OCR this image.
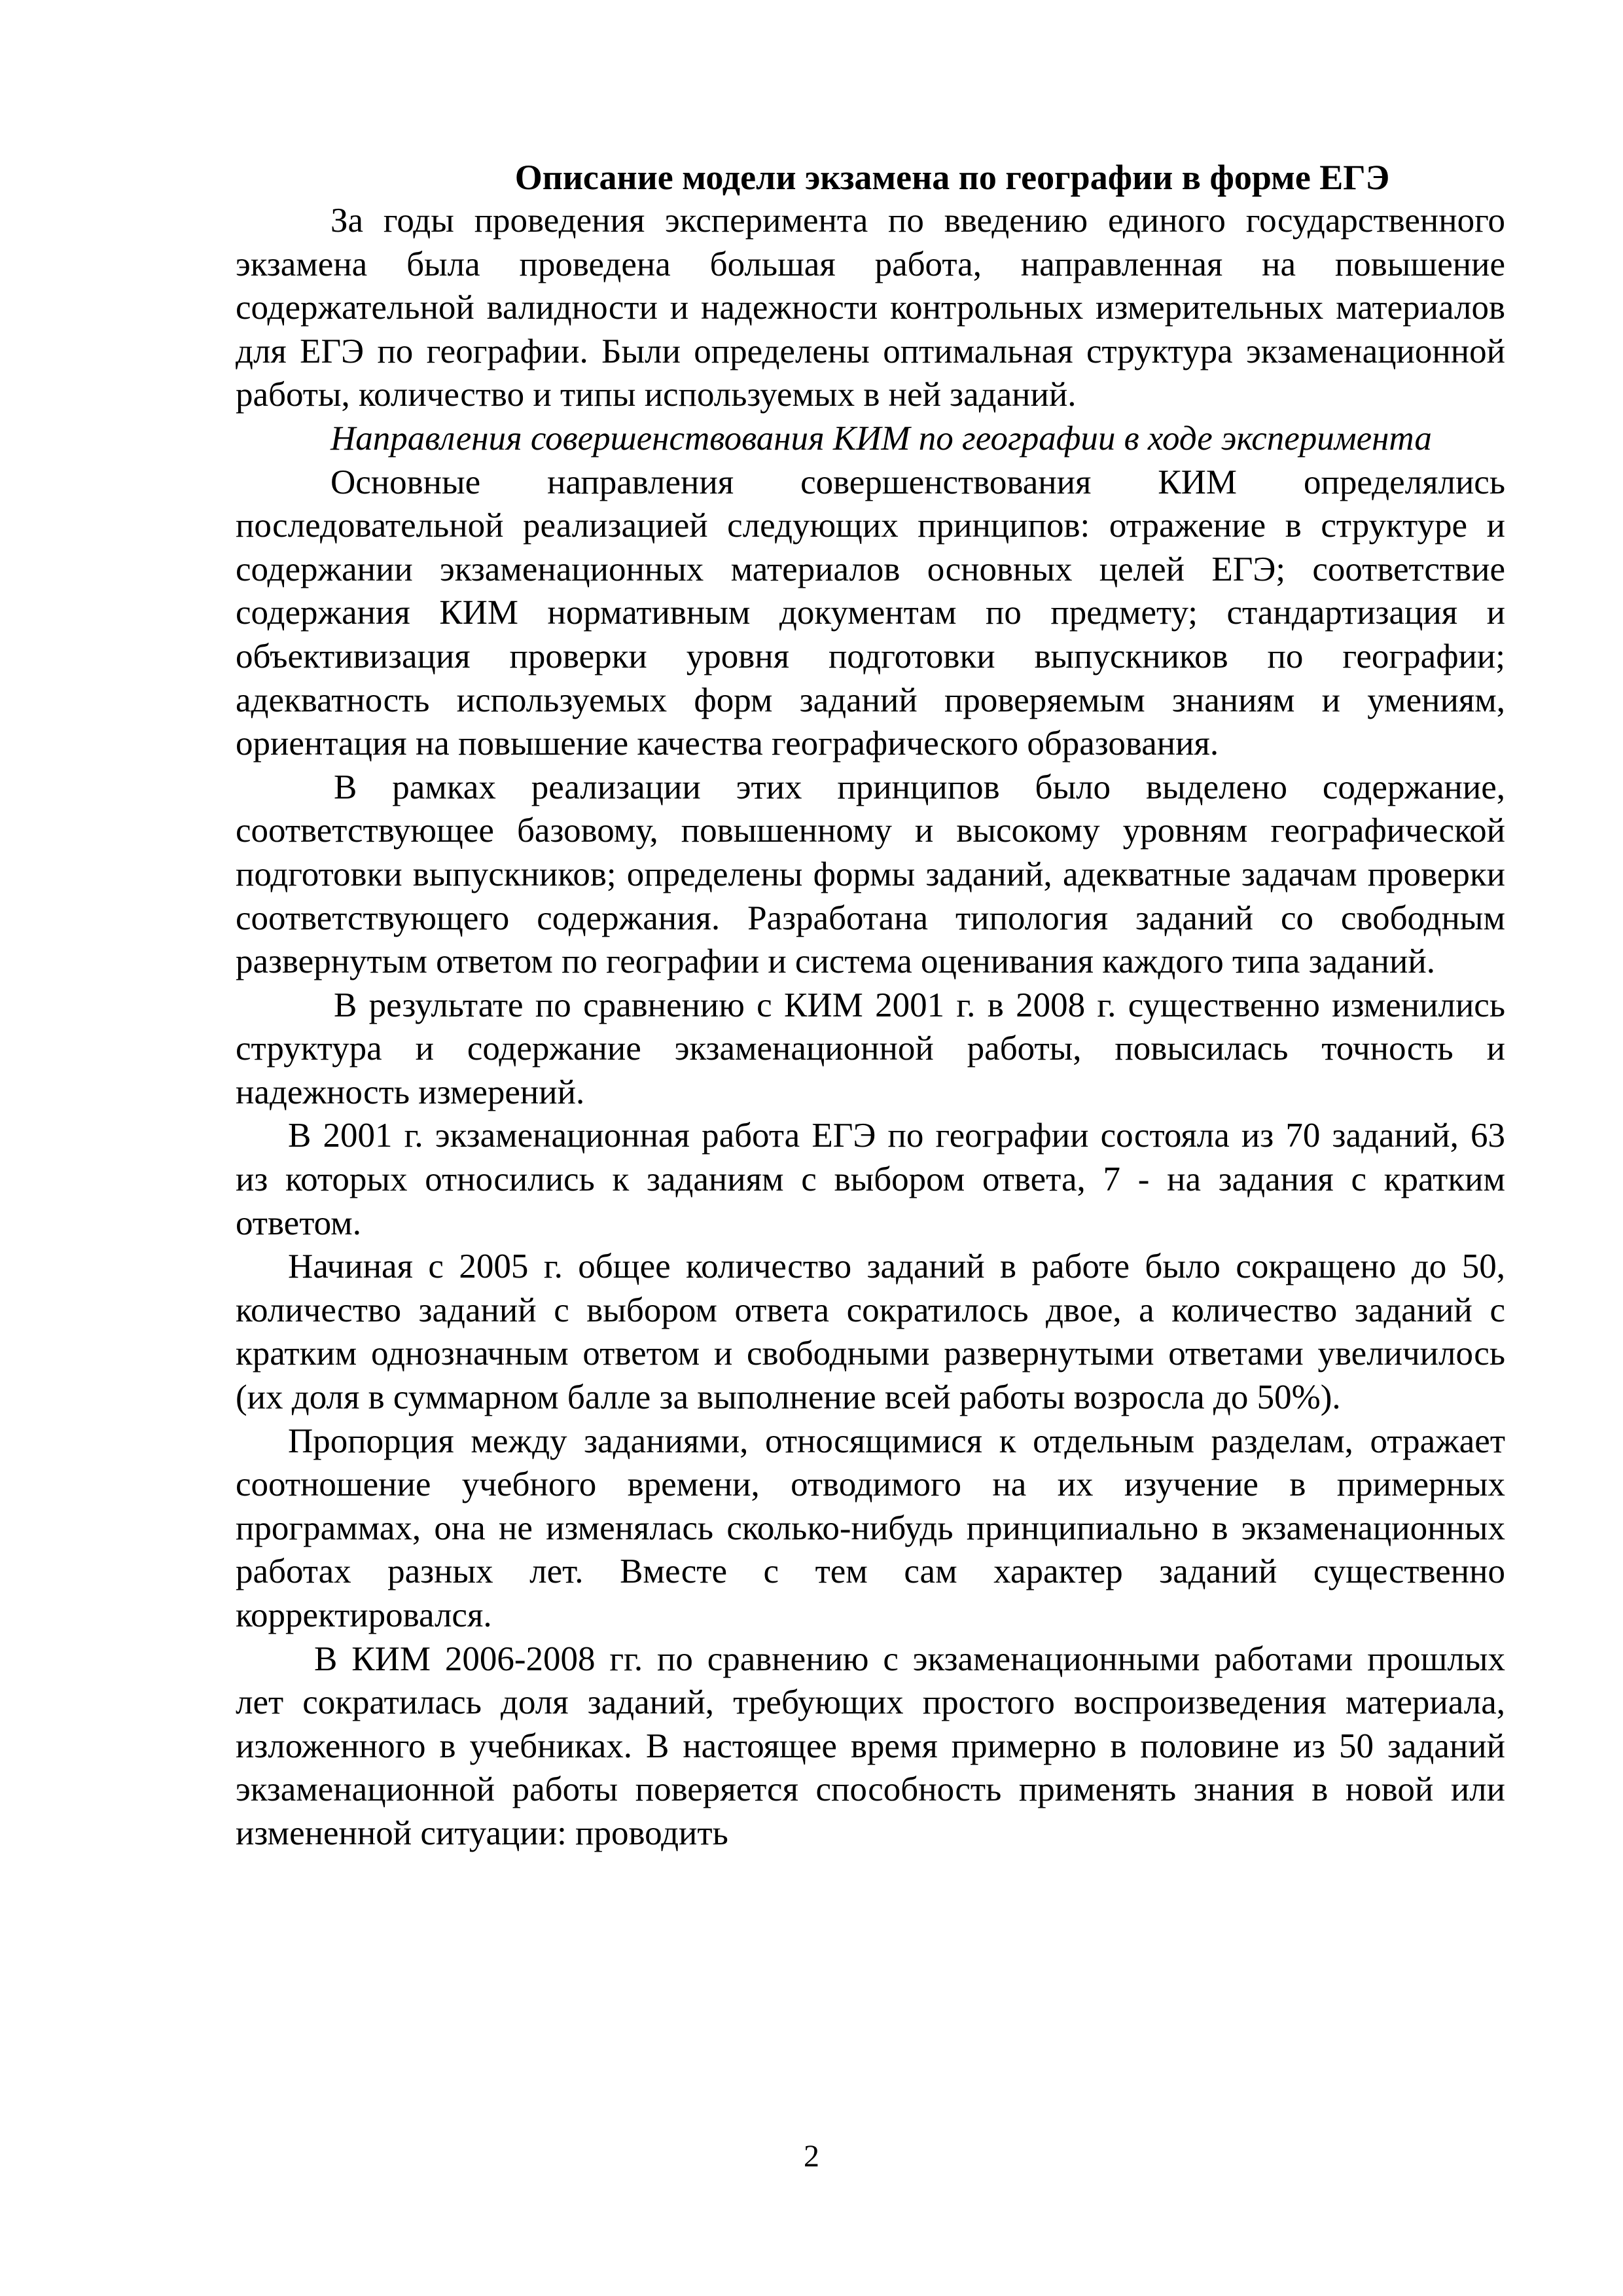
Описание модели экзамена по географии в форме ЕГЭ

За годы проведения эксперимента по введению единого государственного экзамена была проведена большая работа, направленная на повышение содержательной валидности и надежности контрольных измерительных материалов для ЕГЭ по географии. Были определены оптимальная структура экзаменационной работы, количество и типы используемых в ней заданий.

Направления совершенствования КИМ по географии в ходе эксперимента

Основные направления совершенствования КИМ определялись последовательной реализацией следующих принципов: отражение в структуре и содержании экзаменационных материалов основных целей ЕГЭ; соответствие содержания КИМ нормативным документам по предмету; стандартизация и объективизация проверки уровня подготовки выпускников по географии; адекватность используемых форм заданий проверяемым знаниям и умениям, ориентация на повышение качества географического образования.

В рамках реализации этих принципов было выделено содержание, соответствующее базовому, повышенному и высокому уровням географической подготовки выпускников; определены формы заданий, адекватные задачам проверки соответствующего содержания. Разработана типология заданий со свободным развернутым ответом по географии и система оценивания каждого типа заданий.

В результате по сравнению с КИМ 2001 г. в 2008 г. существенно изменились структура и содержание экзаменационной работы, повысилась точность и надежность измерений.

В 2001 г. экзаменационная работа ЕГЭ по географии состояла из 70 заданий, 63 из которых относились к заданиям с выбором ответа, 7 - на задания с кратким ответом.

Начиная с 2005 г. общее количество заданий в работе было сокращено до 50, количество заданий с выбором ответа сократилось двое, а количество заданий с кратким однозначным ответом и свободными развернутыми ответами увеличилось (их доля в суммарном балле за выполнение всей работы возросла до 50%).

Пропорция между заданиями, относящимися к отдельным разделам, отражает соотношение учебного времени, отводимого на их изучение в примерных программах, она не изменялась сколько-нибудь принципиально в экзаменационных работах разных лет. Вместе с тем сам характер заданий существенно корректировался.

В КИМ 2006-2008 гг. по сравнению с экзаменационными работами прошлых лет сократилась доля заданий, требующих простого воспроизведения материала, изложенного в учебниках. В настоящее время примерно в половине из 50 заданий экзаменационной работы поверяется способность применять знания в новой или измененной ситуации: проводить

2
